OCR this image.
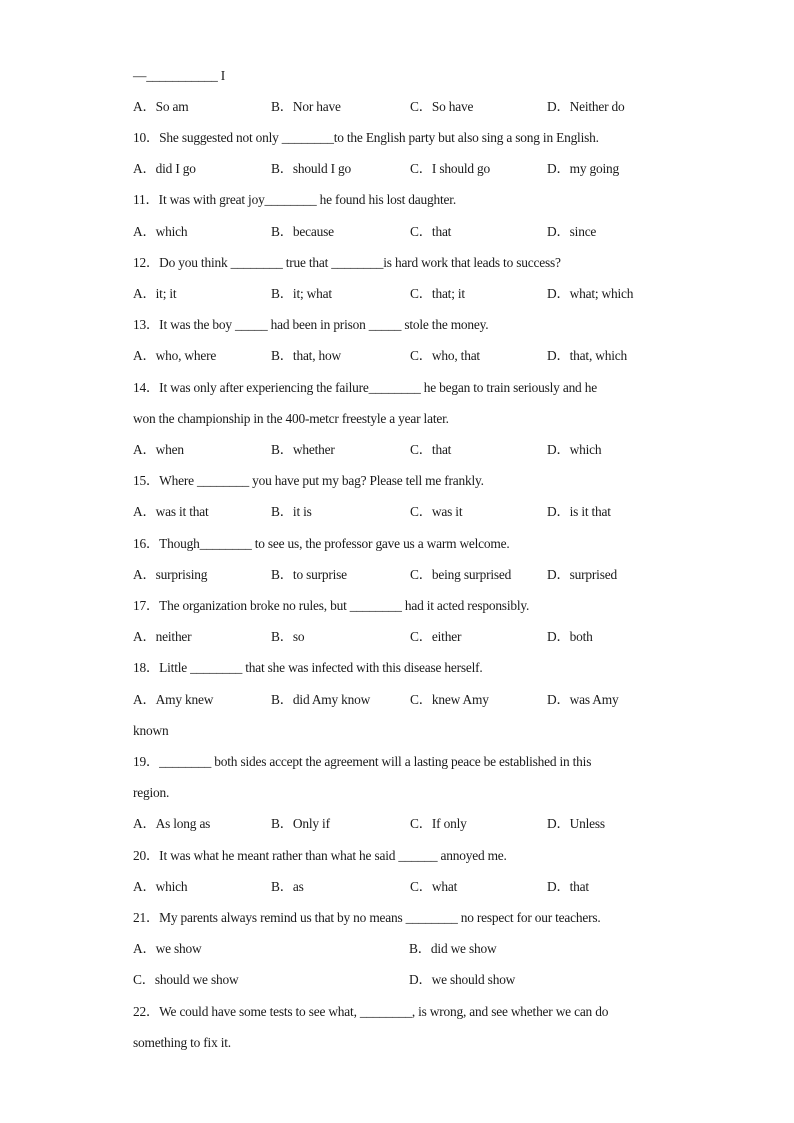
—___________ I
A．So am	B．Nor have	C．So have	D．Neither do
10．She suggested not only ________to the English party but also sing a song in English.
A．did I go	B．should I go	C．I should go	D．my going
11．It was with great joy________ he found his lost daughter.
A．which	B．because	C．that	D．since
12．Do you think ________ true that ________is hard work that leads to success?
A．it; it	B．it; what	C．that; it	D．what; which
13．It was the boy _____ had been in prison _____ stole the money.
A．who, where	B．that, how	C．who, that	D．that, which
14．It was only after experiencing the failure________ he began to train seriously and he
won the championship in the 400-metcr freestyle a year later.
A．when	B．whether	C．that	D．which
15．Where ________ you have put my bag? Please tell me frankly.
A．was it that	B．it is	C．was it	D．is it that
16．Though________ to see us, the professor gave us a warm welcome.
A．surprising	B．to surprise	C．being surprised	D．surprised
17．The organization broke no rules, but ________ had it acted responsibly.
A．neither	B．so	C．either	D．both
18．Little ________ that she was infected with this disease herself.
A．Amy knew	B．did Amy know	C．knew Amy	D．was Amy
known
19．________ both sides accept the agreement will a lasting peace be established in this
region.
A．As long as	B．Only if	C．If only	D．Unless
20．It was what he meant rather than what he said ______ annoyed me.
A．which	B．as	C．what	D．that
21．My parents always remind us that by no means ________ no respect for our teachers.
A．we show	B．did we show
C．should we show	D．we should show
22．We could have some tests to see what, ________, is wrong, and see whether we can do
something to fix it.
